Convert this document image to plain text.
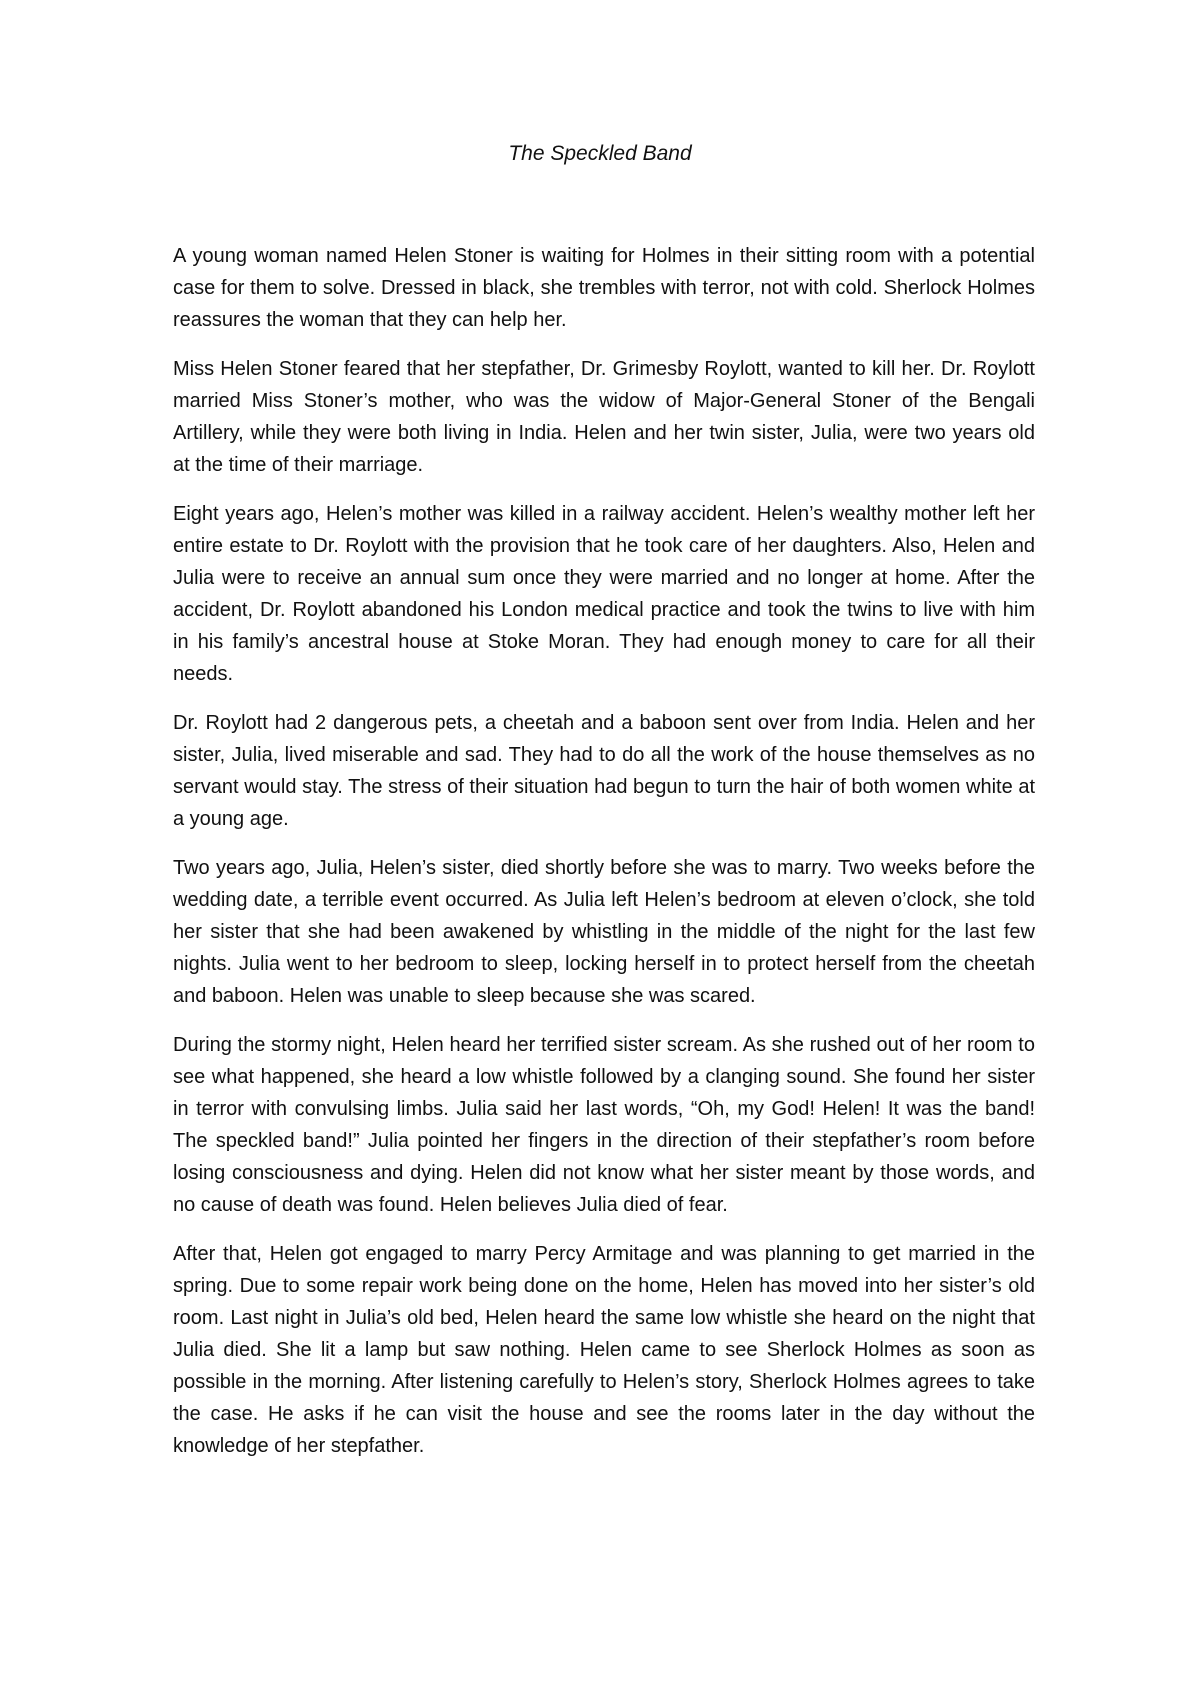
The Speckled Band

A young woman named Helen Stoner is waiting for Holmes in their sitting room with a potential case for them to solve. Dressed in black, she trembles with terror, not with cold. Sherlock Holmes reassures the woman that they can help her.

Miss Helen Stoner feared that her stepfather, Dr. Grimesby Roylott, wanted to kill her. Dr. Roylott married Miss Stoner’s mother, who was the widow of Major-General Stoner of the Bengali Artillery, while they were both living in India. Helen and her twin sister, Julia, were two years old at the time of their marriage.

Eight years ago, Helen’s mother was killed in a railway accident. Helen’s wealthy mother left her entire estate to Dr. Roylott with the provision that he took care of her daughters. Also, Helen and Julia were to receive an annual sum once they were married and no longer at home. After the accident, Dr. Roylott abandoned his London medical practice and took the twins to live with him in his family’s ancestral house at Stoke Moran. They had enough money to care for all their needs.

Dr. Roylott had 2 dangerous pets, a cheetah and a baboon sent over from India. Helen and her sister, Julia, lived miserable and sad. They had to do all the work of the house themselves as no servant would stay. The stress of their situation had begun to turn the hair of both women white at a young age.

Two years ago, Julia, Helen’s sister, died shortly before she was to marry. Two weeks before the wedding date, a terrible event occurred. As Julia left Helen’s bedroom at eleven o’clock, she told her sister that she had been awakened by whistling in the middle of the night for the last few nights. Julia went to her bedroom to sleep, locking herself in to protect herself from the cheetah and baboon. Helen was unable to sleep because she was scared.

During the stormy night, Helen heard her terrified sister scream. As she rushed out of her room to see what happened, she heard a low whistle followed by a clanging sound. She found her sister in terror with convulsing limbs. Julia said her last words, “Oh, my God! Helen! It was the band! The speckled band!” Julia pointed her fingers in the direction of their stepfather’s room before losing consciousness and dying. Helen did not know what her sister meant by those words, and no cause of death was found. Helen believes Julia died of fear.

After that, Helen got engaged to marry Percy Armitage and was planning to get married in the spring. Due to some repair work being done on the home, Helen has moved into her sister’s old room. Last night in Julia’s old bed, Helen heard the same low whistle she heard on the night that Julia died. She lit a lamp but saw nothing. Helen came to see Sherlock Holmes as soon as possible in the morning. After listening carefully to Helen’s story, Sherlock Holmes agrees to take the case. He asks if he can visit the house and see the rooms later in the day without the knowledge of her stepfather.
